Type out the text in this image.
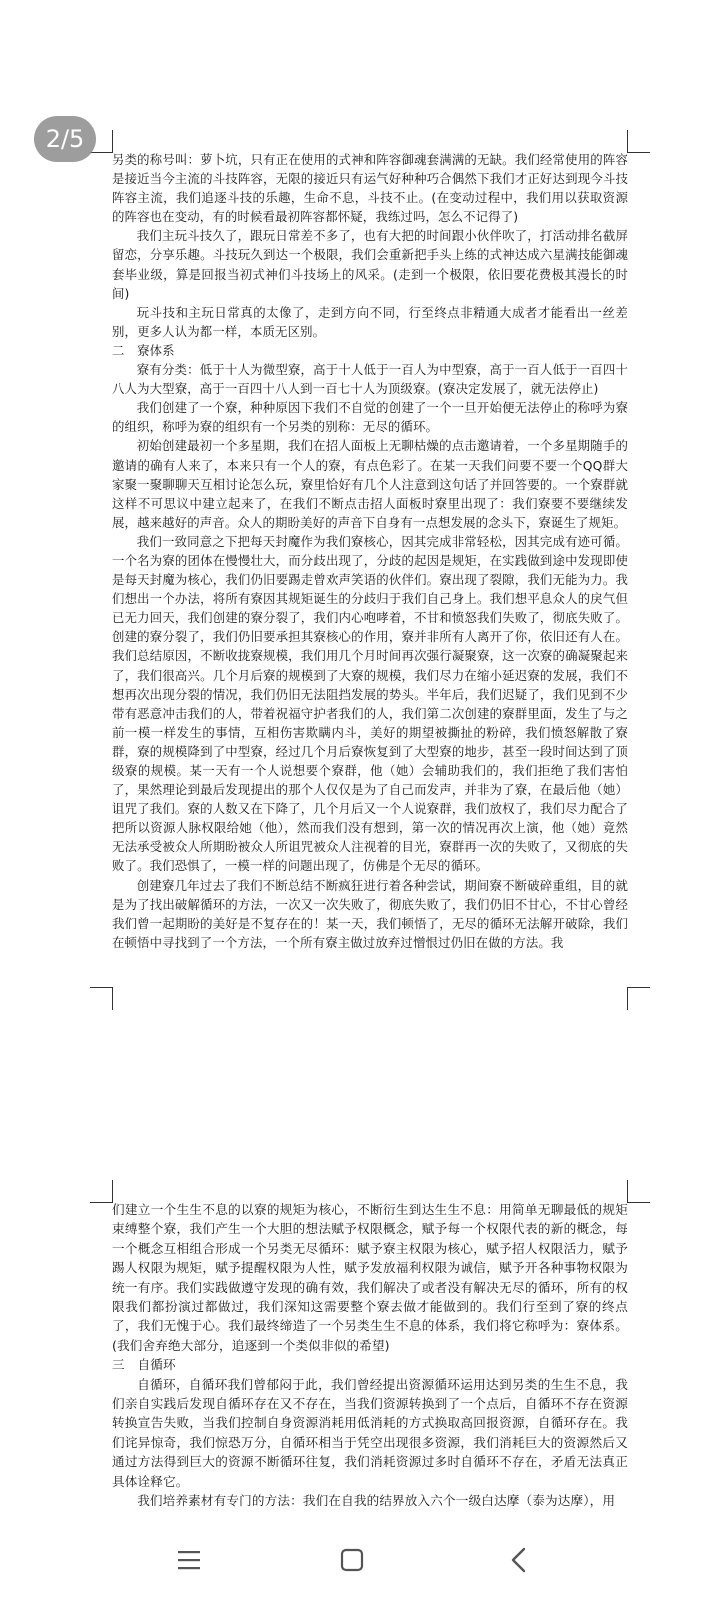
另类的称号叫：萝卜坑，只有正在使用的式神和阵容御魂套满满的无缺。我们经常使用的阵容是接近当今主流的斗技阵容，无限的接近只有运气好种种巧合偶然下我们才正好达到现今斗技阵容主流，我们追逐斗技的乐趣，生命不息，斗技不止。(在变动过程中，我们用以获取资源的阵容也在变动，有的时候看最初阵容都怀疑，我练过吗，怎么不记得了)

我们主玩斗技久了，跟玩日常差不多了，也有大把的时间跟小伙伴吹了，打活动排名截屏留恋，分享乐趣。斗技玩久到达一个极限，我们会重新把手头上练的式神达成六星满技能御魂套毕业级，算是回报当初式神们斗技场上的风采。(走到一个极限，依旧要花费极其漫长的时间)

玩斗技和主玩日常真的太像了，走到方向不同，行至终点非精通大成者才能看出一丝差别，更多人认为都一样，本质无区别。

二　寮体系

寮有分类：低于十人为微型寮，高于十人低于一百人为中型寮，高于一百人低于一百四十八人为大型寮，高于一百四十八人到一百七十人为顶级寮。(寮决定发展了，就无法停止)

我们创建了一个寮，种种原因下我们不自觉的创建了一个一旦开始便无法停止的称呼为寮的组织，称呼为寮的组织有一个另类的别称：无尽的循环。

初始创建最初一个多星期，我们在招人面板上无聊枯燥的点击邀请着，一个多星期随手的邀请的确有人来了，本来只有一个人的寮，有点色彩了。在某一天我们问要不要一个QQ群大家聚一聚聊聊天互相讨论怎么玩，寮里恰好有几个人注意到这句话了并回答要的。一个寮群就这样不可思议中建立起来了，在我们不断点击招人面板时寮里出现了：我们寮要不要继续发展，越来越好的声音。众人的期盼美好的声音下自身有一点想发展的念头下，寮诞生了规矩。

我们一致同意之下把每天封魔作为我们寮核心，因其完成非常轻松，因其完成有迹可循。一个名为寮的团体在慢慢壮大，而分歧出现了，分歧的起因是规矩，在实践做到途中发现即使是每天封魔为核心，我们仍旧要踢走曾欢声笑语的伙伴们。寮出现了裂隙，我们无能为力。我们想出一个办法，将所有寮因其规矩诞生的分歧归于我们自己身上。我们想平息众人的戾气但已无力回天，我们创建的寮分裂了，我们内心咆哮着，不甘和愤怒我们失败了，彻底失败了。创建的寮分裂了，我们仍旧要承担其寮核心的作用，寮并非所有人离开了你，依旧还有人在。我们总结原因，不断收拢寮规模，我们用几个月时间再次强行凝聚寮，这一次寮的确凝聚起来了，我们很高兴。几个月后寮的规模到了大寮的规模，我们尽力在缩小延迟寮的发展，我们不想再次出现分裂的情况，我们仍旧无法阻挡发展的势头。半年后，我们迟疑了，我们见到不少带有恶意冲击我们的人，带着祝福守护者我们的人，我们第二次创建的寮群里面，发生了与之前一模一样发生的事情，互相伤害欺瞒内斗，美好的期望被撕扯的粉碎，我们愤怒解散了寮群，寮的规模降到了中型寮，经过几个月后寮恢复到了大型寮的地步，甚至一段时间达到了顶级寮的规模。某一天有一个人说想要个寮群，他（她）会辅助我们的，我们拒绝了我们害怕了，果然理论到最后发现提出的那个人仅仅是为了自己而发声，并非为了寮，在最后他（她）诅咒了我们。寮的人数又在下降了，几个月后又一个人说寮群，我们放权了，我们尽力配合了把所以资源人脉权限给她（他），然而我们没有想到，第一次的情况再次上演，他（她）竟然无法承受被众人所期盼被众人所诅咒被众人注视着的目光，寮群再一次的失败了，又彻底的失败了。我们恐惧了，一模一样的问题出现了，仿佛是个无尽的循环。

创建寮几年过去了我们不断总结不断疯狂进行着各种尝试，期间寮不断破碎重组，目的就是为了找出破解循环的方法，一次又一次失败了，彻底失败了，我们仍旧不甘心，不甘心曾经我们曾一起期盼的美好是不复存在的！某一天，我们顿悟了，无尽的循环无法解开破除，我们在顿悟中寻找到了一个方法，一个所有寮主做过放弃过憎恨过仍旧在做的方法。我

们建立一个生生不息的以寮的规矩为核心，不断衍生到达生生不息：用简单无聊最低的规矩束缚整个寮，我们产生一个大胆的想法赋予权限概念，赋予每一个权限代表的新的概念，每一个概念互相组合形成一个另类无尽循环：赋予寮主权限为核心，赋予招人权限活力，赋予踢人权限为规矩，赋予提醒权限为人性，赋予发放福利权限为诚信，赋予开各种事物权限为统一有序。我们实践做遵守发现的确有效，我们解决了或者没有解决无尽的循环，所有的权限我们都扮演过都做过，我们深知这需要整个寮去做才能做到的。我们行至到了寮的终点了，我们无愧于心。我们最终缔造了一个另类生生不息的体系，我们将它称呼为：寮体系。(我们舍弃绝大部分，追逐到一个类似非似的希望)

三　自循环

自循环，自循环我们曾郁闷于此，我们曾经提出资源循环运用达到另类的生生不息，我们亲自实践后发现自循环存在又不存在，当我们资源转换到了一个点后，自循环不存在资源转换宣告失败，当我们控制自身资源消耗用低消耗的方式换取高回报资源，自循环存在。我们诧异惊奇，我们惊恐万分，自循环相当于凭空出现很多资源，我们消耗巨大的资源然后又通过方法得到巨大的资源不断循环往复，我们消耗资源过多时自循环不存在，矛盾无法真正具体诠释它。

我们培养素材有专门的方法：我们在自我的结界放入六个一级白达摩（泰为达摩），用

2/5
